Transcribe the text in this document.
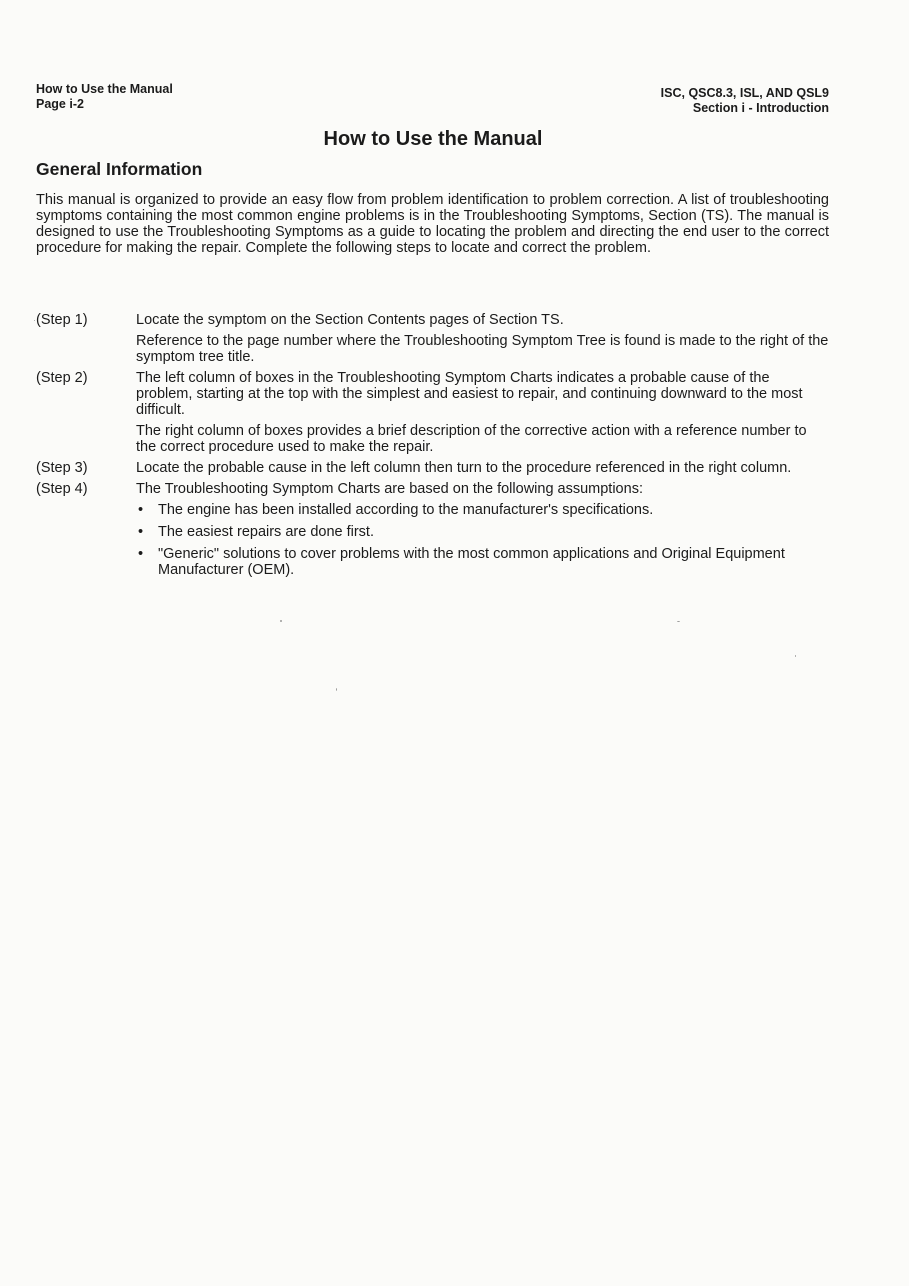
How to Use the Manual
Page i-2
ISC, QSC8.3, ISL, AND QSL9
Section i - Introduction
How to Use the Manual
General Information

This manual is organized to provide an easy flow from problem identification to problem correction. A list of troubleshooting symptoms containing the most common engine problems is in the Troubleshooting Symptoms, Section (TS). The manual is designed to use the Troubleshooting Symptoms as a guide to locating the problem and directing the end user to the correct procedure for making the repair. Complete the following steps to locate and correct the problem.

(Step 1)	Locate the symptom on the Section Contents pages of Section TS.

Reference to the page number where the Troubleshooting Symptom Tree is found is made to the right of the symptom tree title.

(Step 2)	The left column of boxes in the Troubleshooting Symptom Charts indicates a probable cause of the problem, starting at the top with the simplest and easiest to repair, and continuing downward to the most difficult.

The right column of boxes provides a brief description of the corrective action with a reference number to the correct procedure used to make the repair.

(Step 3)	Locate the probable cause in the left column then turn to the procedure referenced in the right column.

(Step 4)	The Troubleshooting Symptom Charts are based on the following assumptions:

• The engine has been installed according to the manufacturer's specifications.
• The easiest repairs are done first.
• "Generic" solutions to cover problems with the most common applications and Original Equipment Manufacturer (OEM).
